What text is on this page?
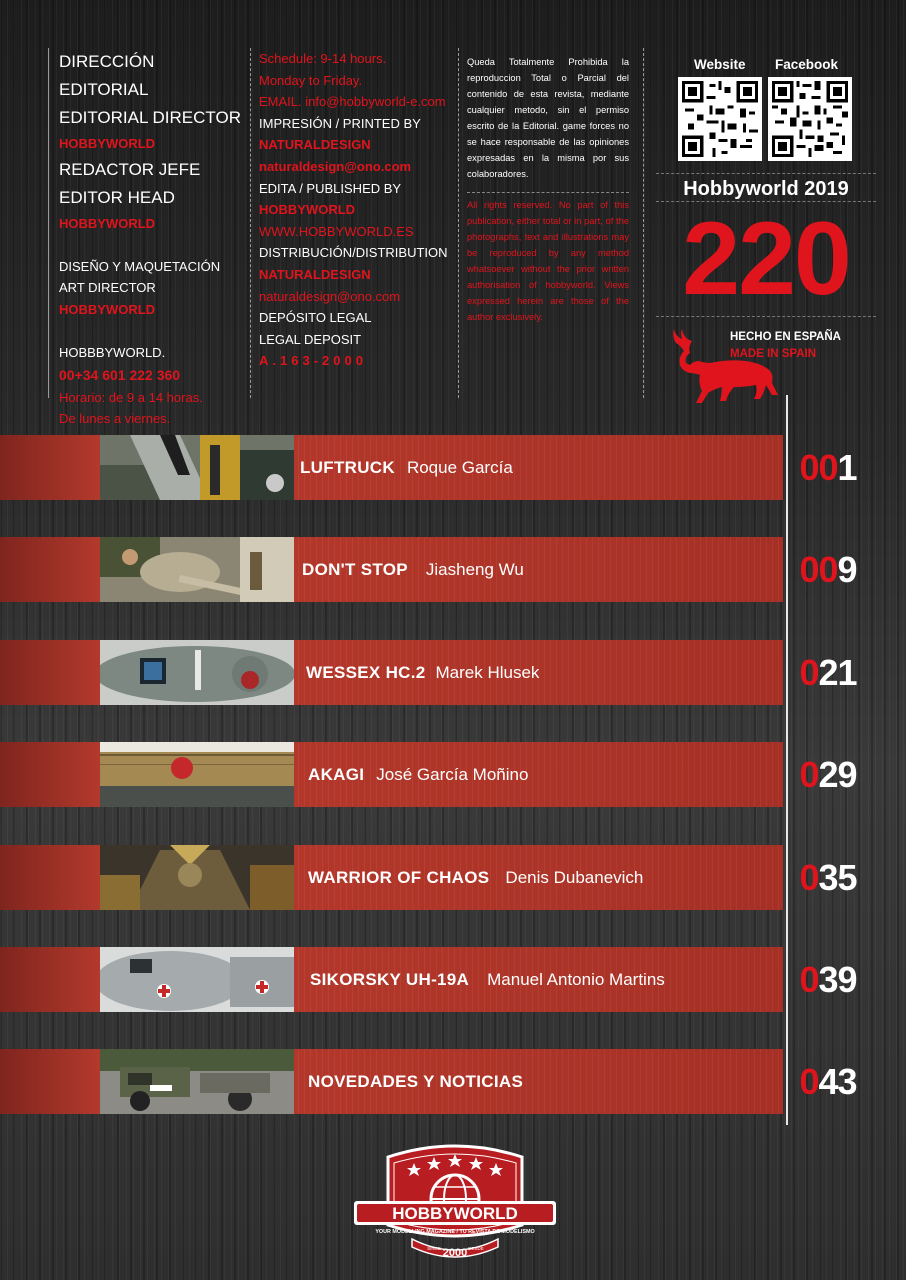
DIRECCIÓN EDITORIAL
EDITORIAL DIRECTOR
HOBBYWORLD
REDACTOR JEFE
EDITOR HEAD
HOBBYWORLD
DISEÑO Y MAQUETACIÓN
ART DIRECTOR
HOBBYWORLD
HOBBBYWORLD.
00+34 601 222 360
Horario: de 9 a 14 horas.
De lunes a viernes.

Schedule: 9-14 hours.

Monday to Friday.

EMAIL. info@hobbyworld-e.com

IMPRESIÓN / PRINTED BY

NATURALDESIGN

naturaldesign@ono.com

EDITA / PUBLISHED BY

HOBBYWORLD

WWW.HOBBYWORLD.ES

DISTRIBUCIÓN/DISTRIBUTION

NATURALDESIGN

naturaldesign@ono.com

DEPÓSITO LEGAL

LEGAL DEPOSIT

A.163-2000

Queda Totalmente Prohibida la reproduccion Total o Parcial del contenido de esta revista, mediante cualquier metodo, sin el permiso escrito de la Editorial. game forces no se hace responsable de las opiniones expresadas en la misma por sus colaboradores.

All rights reserved. No part of this publication, either total or in part, of the photographs, text and illustrations may be reproduced by any method whatsoever without the prior written authorisation of hobbyworld. Views expressed herein are those of the author exclusively.

Website Facebook
Hobbyworld 2019
220
HECHO EN ESPAÑA
MADE IN SPAIN
LUFTRUCK Roque García	00 1
DON'T STOP Jiasheng Wu	00 9
WESSEX HC.2 Marek Hlusek	0 21
AKAGI José García Moñino	0 29
WARRIOR OF CHAOS Denis Dubanevich	0 35
SIKORSKY UH-19A Manuel Antonio Martins	0 39
NOVEDADES Y NOTICIAS	0 43
HOBBYWORLD
YOUR MODELLING MAGAZINE / TU REVISTA DE MODELISMO
SINCE 2000 DESDE
